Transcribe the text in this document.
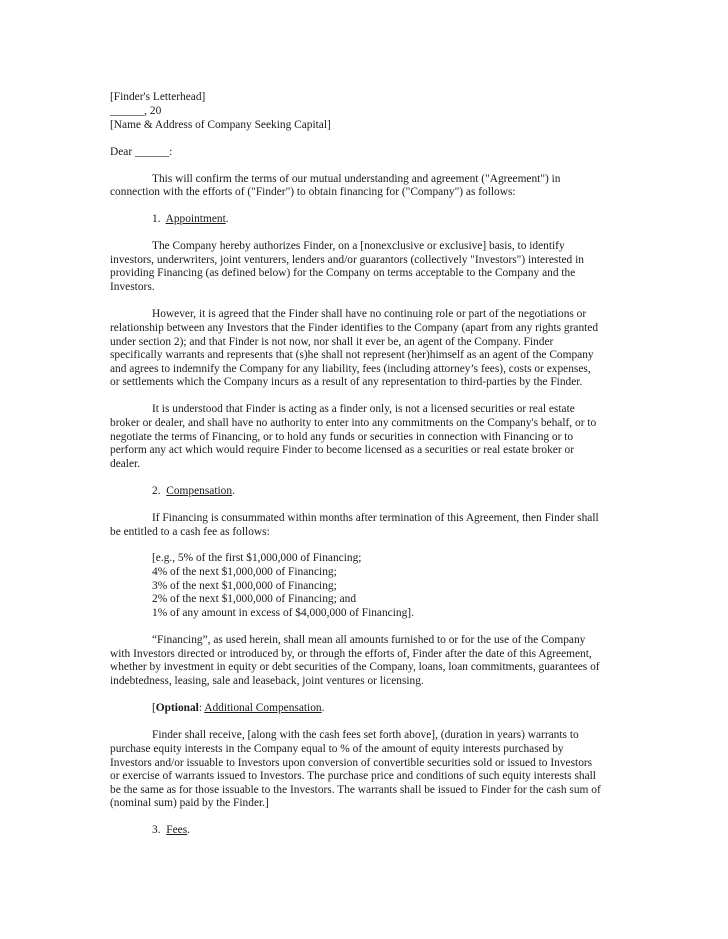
[Finder's Letterhead]
______, 20
[Name & Address of Company Seeking Capital]
Dear ______:
This will confirm the terms of our mutual understanding and agreement ("Agreement") in
connection with the efforts of ("Finder") to obtain financing for ("Company") as follows:
1. Appointment.
The Company hereby authorizes Finder, on a [nonexclusive or exclusive] basis, to identify
investors, underwriters, joint venturers, lenders and/or guarantors (collectively "Investors") interested in
providing Financing (as defined below) for the Company on terms acceptable to the Company and the
Investors.
However, it is agreed that the Finder shall have no continuing role or part of the negotiations or
relationship between any Investors that the Finder identifies to the Company (apart from any rights granted
under section 2); and that Finder is not now, nor shall it ever be, an agent of the Company. Finder
specifically warrants and represents that (s)he shall not represent (her)himself as an agent of the Company
and agrees to indemnify the Company for any liability, fees (including attorney’s fees), costs or expenses,
or settlements which the Company incurs as a result of any representation to third-parties by the Finder.
It is understood that Finder is acting as a finder only, is not a licensed securities or real estate
broker or dealer, and shall have no authority to enter into any commitments on the Company's behalf, or to
negotiate the terms of Financing, or to hold any funds or securities in connection with Financing or to
perform any act which would require Finder to become licensed as a securities or real estate broker or
dealer.
2. Compensation.
If Financing is consummated within months after termination of this Agreement, then Finder shall
be entitled to a cash fee as follows:
[e.g., 5% of the first $1,000,000 of Financing;
4% of the next $1,000,000 of Financing;
3% of the next $1,000,000 of Financing;
2% of the next $1,000,000 of Financing; and
1% of any amount in excess of $4,000,000 of Financing].
“Financing”, as used herein, shall mean all amounts furnished to or for the use of the Company
with Investors directed or introduced by, or through the efforts of, Finder after the date of this Agreement,
whether by investment in equity or debt securities of the Company, loans, loan commitments, guarantees of
indebtedness, leasing, sale and leaseback, joint ventures or licensing.
[Optional: Additional Compensation.
Finder shall receive, [along with the cash fees set forth above], (duration in years) warrants to
purchase equity interests in the Company equal to % of the amount of equity interests purchased by
Investors and/or issuable to Investors upon conversion of convertible securities sold or issued to Investors
or exercise of warrants issued to Investors. The purchase price and conditions of such equity interests shall
be the same as for those issuable to the Investors. The warrants shall be issued to Finder for the cash sum of
(nominal sum) paid by the Finder.]
3. Fees.
